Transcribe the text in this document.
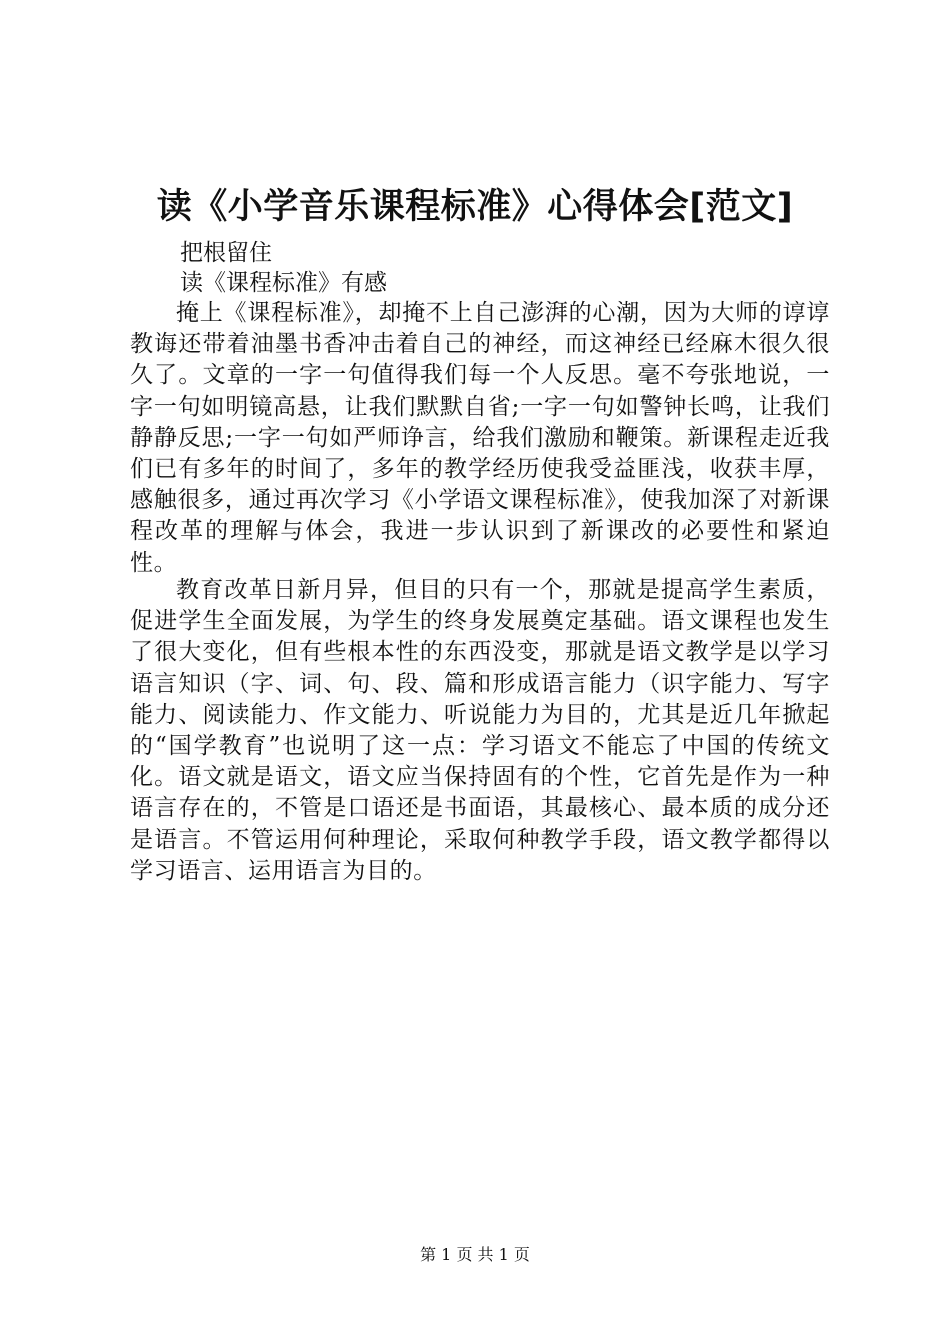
读《小学音乐课程标准》心得体会[范文]

把根留住

读《课程标准》有感

掩上《课程标准》，却掩不上自己澎湃的心潮，因为大师的谆谆教诲还带着油墨书香冲击着自己的神经，而这神经已经麻木很久很久了。文章的一字一句值得我们每一个人反思。毫不夸张地说，一字一句如明镜高悬，让我们默默自省;一字一句如警钟长鸣，让我们静静反思;一字一句如严师诤言，给我们激励和鞭策。新课程走近我们已有多年的时间了，多年的教学经历使我受益匪浅，收获丰厚，感触很多，通过再次学习《小学语文课程标准》，使我加深了对新课程改革的理解与体会，我进一步认识到了新课改的必要性和紧迫性。

教育改革日新月异，但目的只有一个，那就是提高学生素质，促进学生全面发展，为学生的终身发展奠定基础。语文课程也发生了很大变化，但有些根本性的东西没变，那就是语文教学是以学习语言知识（字、词、句、段、篇和形成语言能力（识字能力、写字能力、阅读能力、作文能力、听说能力为目的，尤其是近几年掀起的“国学教育”也说明了这一点：学习语文不能忘了中国的传统文化。语文就是语文，语文应当保持固有的个性，它首先是作为一种语言存在的，不管是口语还是书面语，其最核心、最本质的成分还是语言。不管运用何种理论，采取何种教学手段，语文教学都得以学习语言、运用语言为目的。

第 1 页 共 1 页
